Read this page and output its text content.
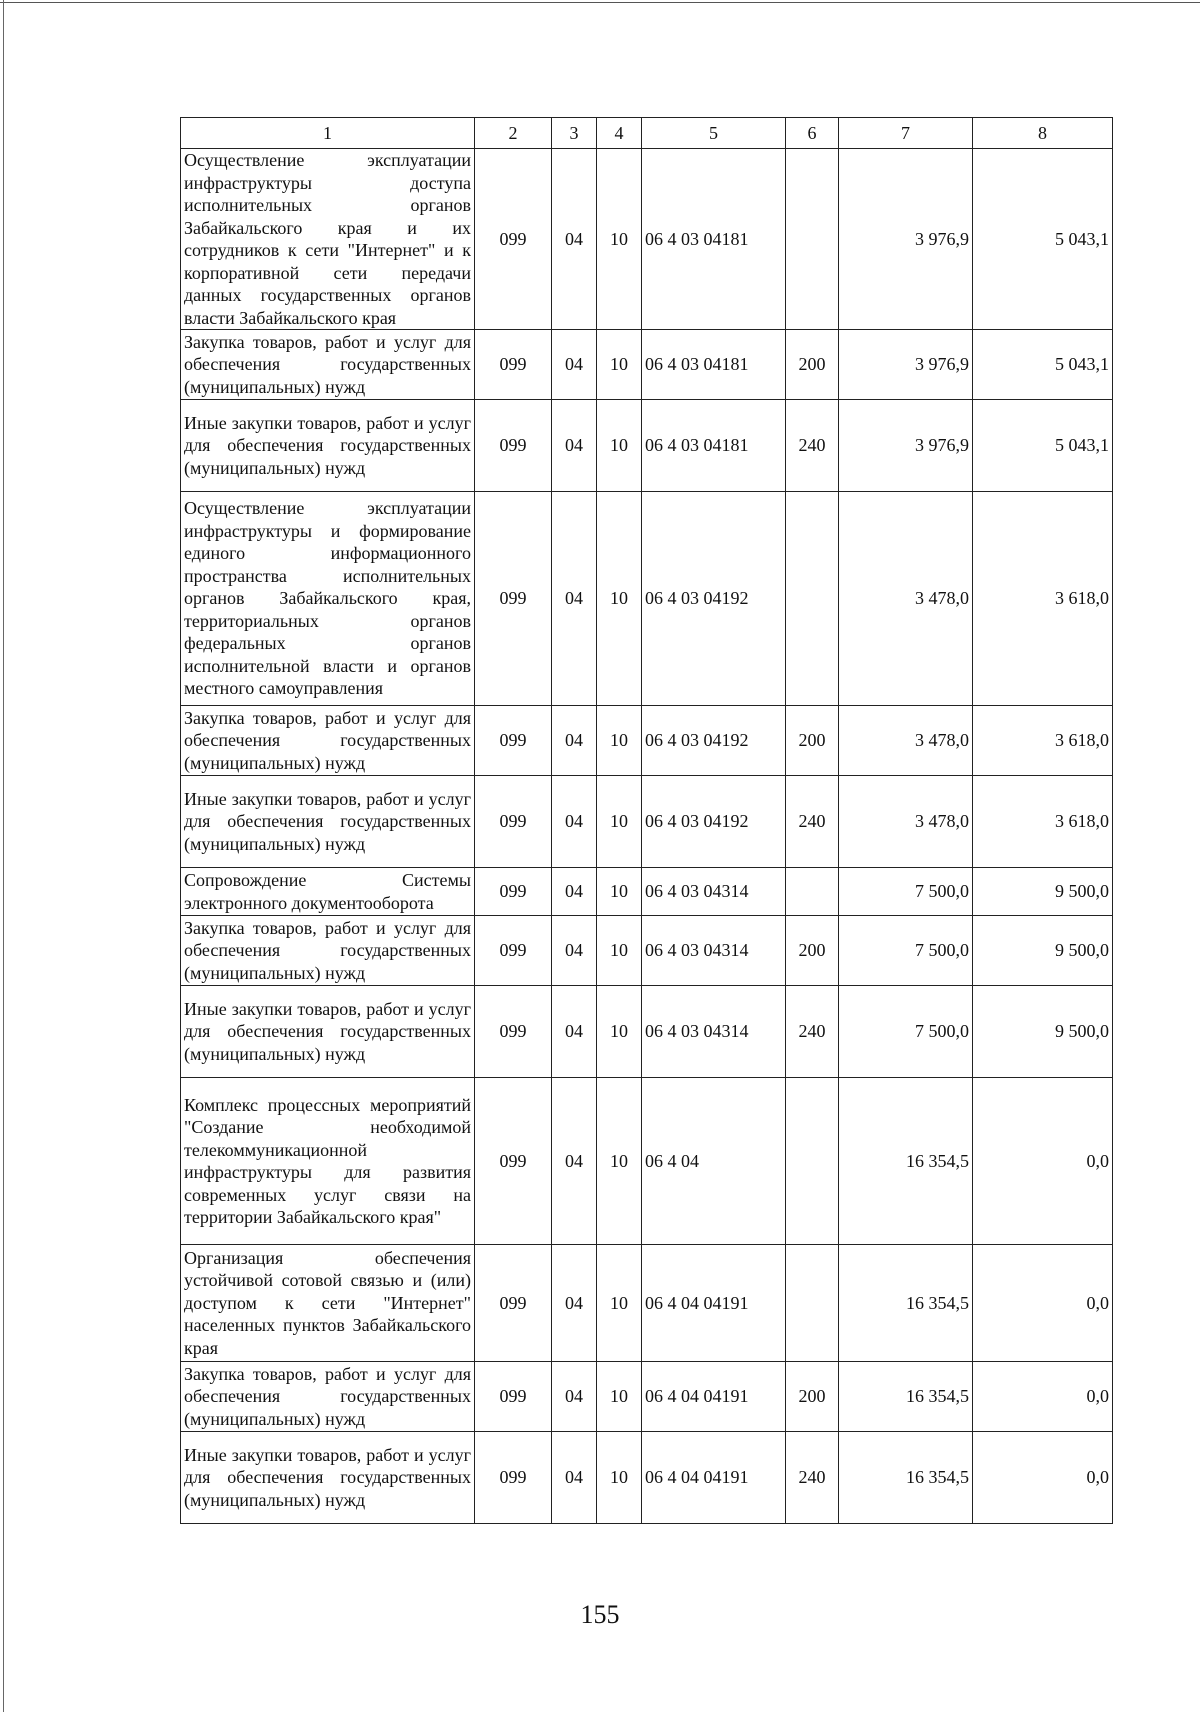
1	2	3	4	5	6	7	8
Осуществление эксплуатации инфраструктуры доступа исполнительных органов Забайкальского края и их сотрудников к сети "Интернет" и к корпоративной сети передачи данных государственных органов власти Забайкальского края	099	04	10	06 4 03 04181		3 976,9	5 043,1
Закупка товаров, работ и услуг для обеспечения государственных (муниципальных) нужд	099	04	10	06 4 03 04181	200	3 976,9	5 043,1
Иные закупки товаров, работ и услуг для обеспечения государственных (муниципальных) нужд	099	04	10	06 4 03 04181	240	3 976,9	5 043,1
Осуществление эксплуатации инфраструктуры и формирование единого информационного пространства исполнительных органов Забайкальского края, территориальных органов федеральных органов исполнительной власти и органов местного самоуправления	099	04	10	06 4 03 04192		3 478,0	3 618,0
Закупка товаров, работ и услуг для обеспечения государственных (муниципальных) нужд	099	04	10	06 4 03 04192	200	3 478,0	3 618,0
Иные закупки товаров, работ и услуг для обеспечения государственных (муниципальных) нужд	099	04	10	06 4 03 04192	240	3 478,0	3 618,0
Сопровождение Системы электронного документооборота	099	04	10	06 4 03 04314		7 500,0	9 500,0
Закупка товаров, работ и услуг для обеспечения государственных (муниципальных) нужд	099	04	10	06 4 03 04314	200	7 500,0	9 500,0
Иные закупки товаров, работ и услуг для обеспечения государственных (муниципальных) нужд	099	04	10	06 4 03 04314	240	7 500,0	9 500,0
Комплекс процессных мероприятий "Создание необходимой телекоммуникационной инфраструктуры для развития современных услуг связи на территории Забайкальского края"	099	04	10	06 4 04		16 354,5	0,0
Организация обеспечения устойчивой сотовой связью и (или) доступом к сети "Интернет" населенных пунктов Забайкальского края	099	04	10	06 4 04 04191		16 354,5	0,0
Закупка товаров, работ и услуг для обеспечения государственных (муниципальных) нужд	099	04	10	06 4 04 04191	200	16 354,5	0,0
Иные закупки товаров, работ и услуг для обеспечения государственных (муниципальных) нужд	099	04	10	06 4 04 04191	240	16 354,5	0,0
155
